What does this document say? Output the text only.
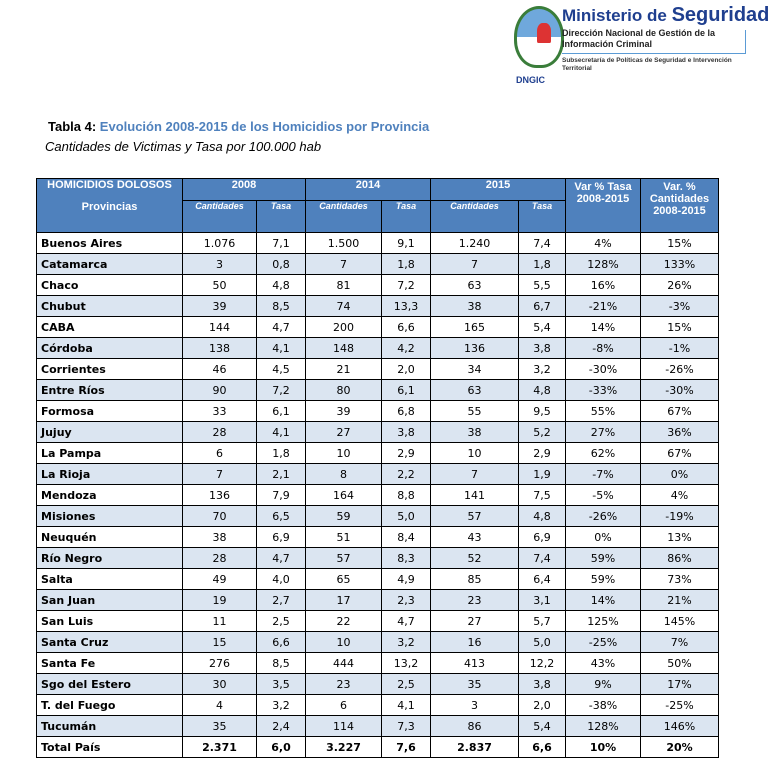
DNGIC
Ministerio de Seguridad
Dirección Nacional de Gestión de la Información Criminal
Subsecretaría de Políticas de Seguridad e Intervención Territorial
Tabla 4: Evolución 2008-2015 de los Homicidios por Provincia
Cantidades de Victimas y Tasa por 100.000 hab
HOMICIDIOS DOLOSOS	2008		2014		2015		Var % Tasa 2008-2015	Var. % Cantidades 2008-2015
Provincias	Cantidades	Tasa	Cantidades	Tasa	Cantidades	Tasa		
Buenos Aires	1.076	7,1	1.500	9,1	1.240	7,4	4%	15%
Catamarca	3	0,8	7	1,8	7	1,8	128%	133%
Chaco	50	4,8	81	7,2	63	5,5	16%	26%
Chubut	39	8,5	74	13,3	38	6,7	-21%	-3%
CABA	144	4,7	200	6,6	165	5,4	14%	15%
Córdoba	138	4,1	148	4,2	136	3,8	-8%	-1%
Corrientes	46	4,5	21	2,0	34	3,2	-30%	-26%
Entre Ríos	90	7,2	80	6,1	63	4,8	-33%	-30%
Formosa	33	6,1	39	6,8	55	9,5	55%	67%
Jujuy	28	4,1	27	3,8	38	5,2	27%	36%
La Pampa	6	1,8	10	2,9	10	2,9	62%	67%
La Rioja	7	2,1	8	2,2	7	1,9	-7%	0%
Mendoza	136	7,9	164	8,8	141	7,5	-5%	4%
Misiones	70	6,5	59	5,0	57	4,8	-26%	-19%
Neuquén	38	6,9	51	8,4	43	6,9	0%	13%
Río Negro	28	4,7	57	8,3	52	7,4	59%	86%
Salta	49	4,0	65	4,9	85	6,4	59%	73%
San Juan	19	2,7	17	2,3	23	3,1	14%	21%
San Luis	11	2,5	22	4,7	27	5,7	125%	145%
Santa Cruz	15	6,6	10	3,2	16	5,0	-25%	7%
Santa Fe	276	8,5	444	13,2	413	12,2	43%	50%
Sgo del Estero	30	3,5	23	2,5	35	3,8	9%	17%
T. del Fuego	4	3,2	6	4,1	3	2,0	-38%	-25%
Tucumán	35	2,4	114	7,3	86	5,4	128%	146%
Total País	2.371	6,0	3.227	7,6	2.837	6,6	10%	20%
